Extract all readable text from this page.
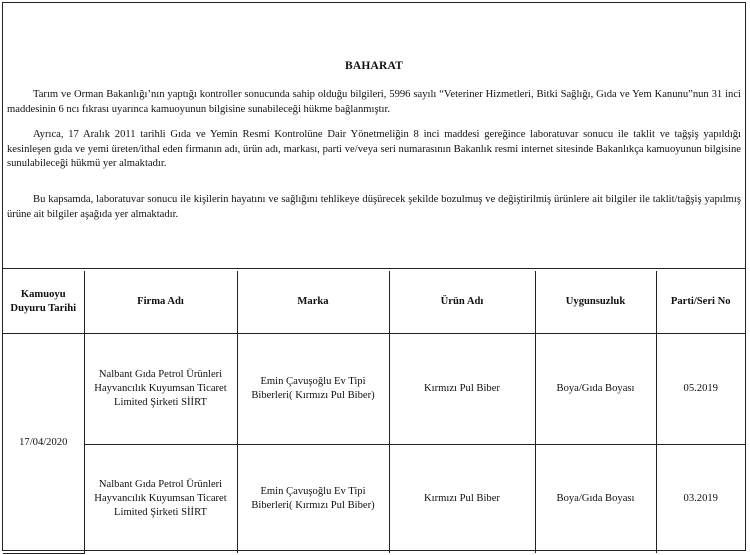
BAHARAT
Tarım ve Orman Bakanlığı’nın yaptığı kontroller sonucunda sahip olduğu bilgileri, 5996 sayılı “Veteriner Hizmetleri, Bitki Sağlığı, Gıda ve Yem Kanunu”nun 31 inci maddesinin 6 ncı fıkrası uyarınca kamuoyunun bilgisine sunabileceği hükme bağlanmıştır.
Ayrıca, 17 Aralık 2011 tarihli Gıda ve Yemin Resmi Kontrolüne Dair Yönetmeliğin 8 inci maddesi gereğince laboratuvar sonucu ile taklit ve tağşiş yapıldığı kesinleşen gıda ve yemi üreten/ithal eden firmanın adı, ürün adı, markası, parti ve/veya seri numarasının Bakanlık resmi internet sitesinde Bakanlıkça kamuoyunun bilgisine sunulabileceği hükmü yer almaktadır.
Bu kapsamda, laboratuvar sonucu ile kişilerin hayatını ve sağlığını tehlikeye düşürecek şekilde bozulmuş ve değiştirilmiş ürünlere ait bilgiler ile taklit/tağşiş yapılmış ürüne ait bilgiler aşağıda yer almaktadır.
Kamuoyu Duyuru Tarihi	Firma Adı	Marka	Ürün Adı	Uygunsuzluk	Parti/Seri No
17/04/2020	Nalbant Gıda Petrol Ürünleri Hayvancılık Kuyumsan Ticaret Limited Şirketi SİİRT	Emin Çavuşoğlu Ev Tipi Biberleri( Kırmızı Pul Biber)	Kırmızı Pul Biber	Boya/Gıda Boyası	05.2019
	Nalbant Gıda Petrol Ürünleri Hayvancılık Kuyumsan Ticaret Limited Şirketi SİİRT	Emin Çavuşoğlu Ev Tipi Biberleri( Kırmızı Pul Biber)	Kırmızı Pul Biber	Boya/Gıda Boyası	03.2019
